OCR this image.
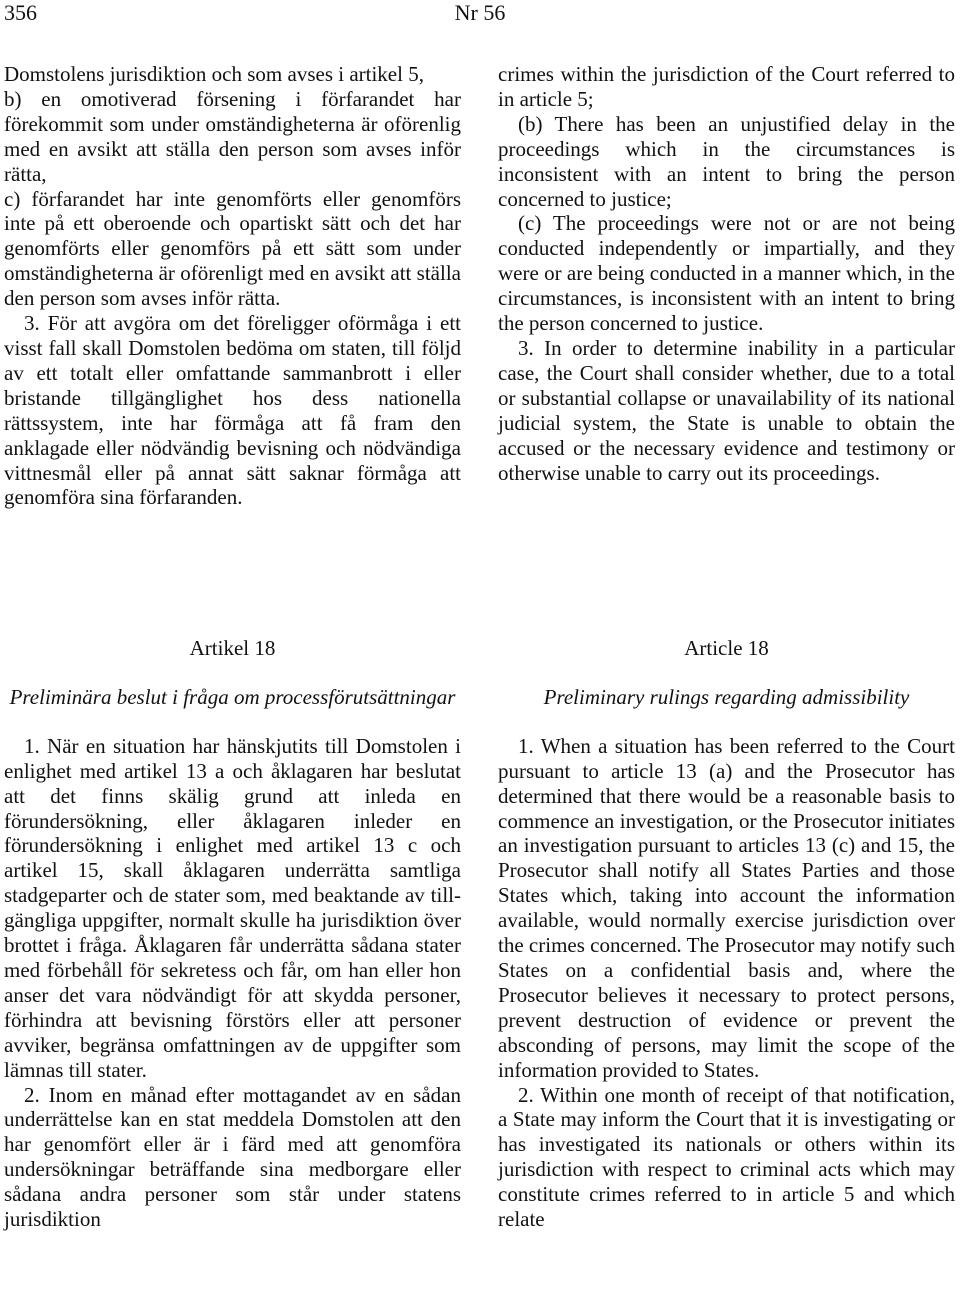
356	Nr 56

Domstolens jurisdiktion och som avses i artikel 5,

b) en omotiverad försening i förfarandet har förekommit som under omständigheterna är oförenlig med en avsikt att ställa den person som avses inför rätta,

c) förfarandet har inte genomförts eller genomförs inte på ett oberoende och opartiskt sätt och det har genomförts eller genomförs på ett sätt som under omständigheterna är oförenligt med en avsikt att ställa den person som avses inför rätta.

3. För att avgöra om det föreligger oförmåga i ett visst fall skall Domstolen bedöma om staten, till följd av ett totalt eller omfattande sammanbrott i eller bristande tillgänglighet hos dess nationella rättssystem, inte har förmåga att få fram den anklagade eller nödvändig bevisning och nödvändiga vittnesmål eller på annat sätt saknar förmåga att genomföra sina förfaranden.

crimes within the jurisdiction of the Court referred to in article 5;

(b) There has been an unjustified delay in the proceedings which in the circumstances is inconsistent with an intent to bring the person concerned to justice;

(c) The proceedings were not or are not being conducted independently or impartially, and they were or are being conducted in a manner which, in the circumstances, is inconsistent with an intent to bring the person concerned to justice.

3. In order to determine inability in a particular case, the Court shall consider whether, due to a total or substantial collapse or unavailability of its national judicial system, the State is unable to obtain the accused or the necessary evidence and testimony or otherwise unable to carry out its proceedings.

Artikel 18

Preliminära beslut i fråga om processförutsättningar

1. När en situation har hänskjutits till Domstolen i enlighet med artikel 13 a och åklagaren har beslutat att det finns skälig grund att inleda en förundersökning, eller åklagaren inleder en förundersökning i enlighet med artikel 13 c och artikel 15, skall åklagaren underrätta samtliga stadgeparter och de stater som, med beaktande av tillgängliga uppgifter, normalt skulle ha jurisdiktion över brottet i fråga. Åklagaren får underrätta sådana stater med förbehåll för sekretess och får, om han eller hon anser det vara nödvändigt för att skydda personer, förhindra att bevisning förstörs eller att personer avviker, begränsa omfattningen av de uppgifter som lämnas till stater.

2. Inom en månad efter mottagandet av en sådan underrättelse kan en stat meddela Domstolen att den har genomfört eller är i färd med att genomföra undersökningar beträffande sina medborgare eller sådana andra personer som står under statens jurisdiktion

Article 18

Preliminary rulings regarding admissibility

1. When a situation has been referred to the Court pursuant to article 13 (a) and the Prosecutor has determined that there would be a reasonable basis to commence an investigation, or the Prosecutor initiates an investigation pursuant to articles 13 (c) and 15, the Prosecutor shall notify all States Parties and those States which, taking into account the information available, would normally exercise jurisdiction over the crimes concerned. The Prosecutor may notify such States on a confidential basis and, where the Prosecutor believes it necessary to protect persons, prevent destruction of evidence or prevent the absconding of persons, may limit the scope of the information provided to States.

2. Within one month of receipt of that notification, a State may inform the Court that it is investigating or has investigated its nationals or others within its jurisdiction with respect to criminal acts which may constitute crimes referred to in article 5 and which relate
